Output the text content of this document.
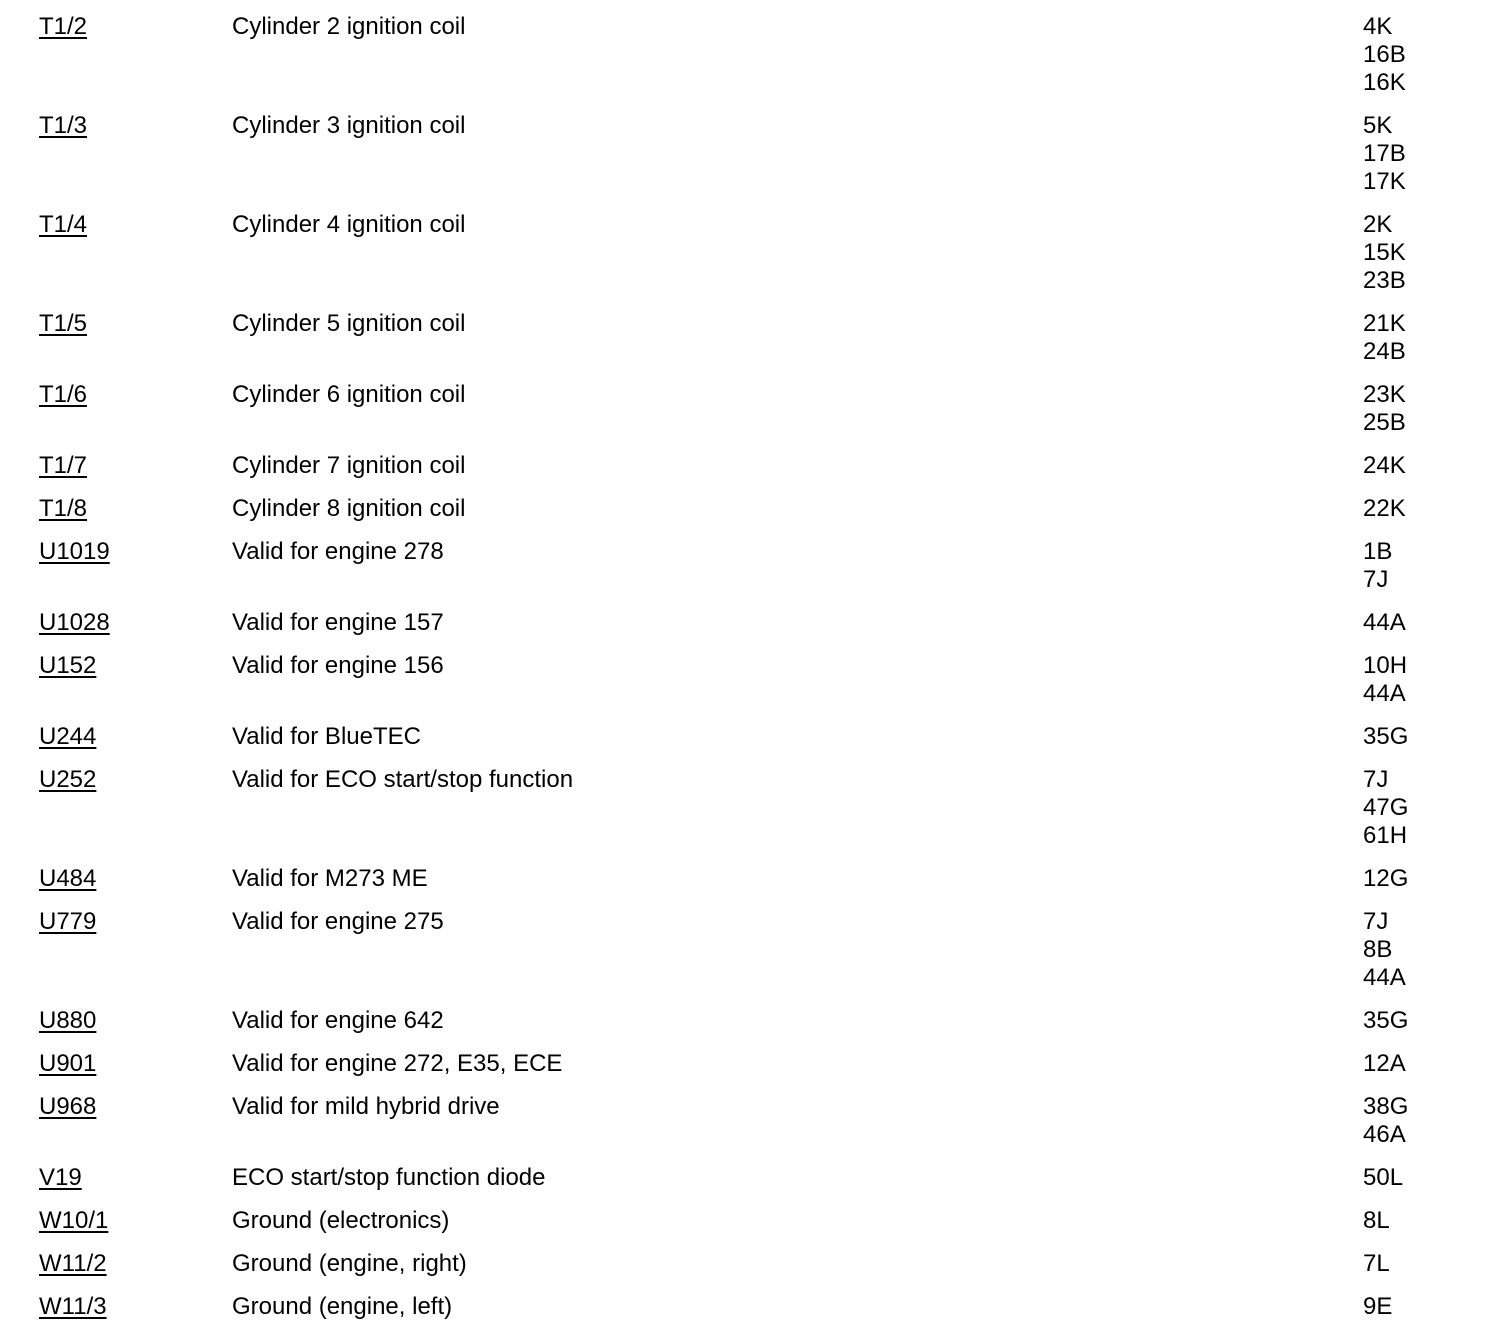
T1/2	Cylinder 2 ignition coil	4K
16B
16K
T1/3	Cylinder 3 ignition coil	5K
17B
17K
T1/4	Cylinder 4 ignition coil	2K
15K
23B
T1/5	Cylinder 5 ignition coil	21K
24B
T1/6	Cylinder 6 ignition coil	23K
25B
T1/7	Cylinder 7 ignition coil	24K
T1/8	Cylinder 8 ignition coil	22K
U1019	Valid for engine 278	1B
7J
U1028	Valid for engine 157	44A
U152	Valid for engine 156	10H
44A
U244	Valid for BlueTEC	35G
U252	Valid for ECO start/stop function	7J
47G
61H
U484	Valid for M273 ME	12G
U779	Valid for engine 275	7J
8B
44A
U880	Valid for engine 642	35G
U901	Valid for engine 272, E35, ECE	12A
U968	Valid for mild hybrid drive	38G
46A
V19	ECO start/stop function diode	50L
W10/1	Ground (electronics)	8L
W11/2	Ground (engine, right)	7L
W11/3	Ground (engine, left)	9E
